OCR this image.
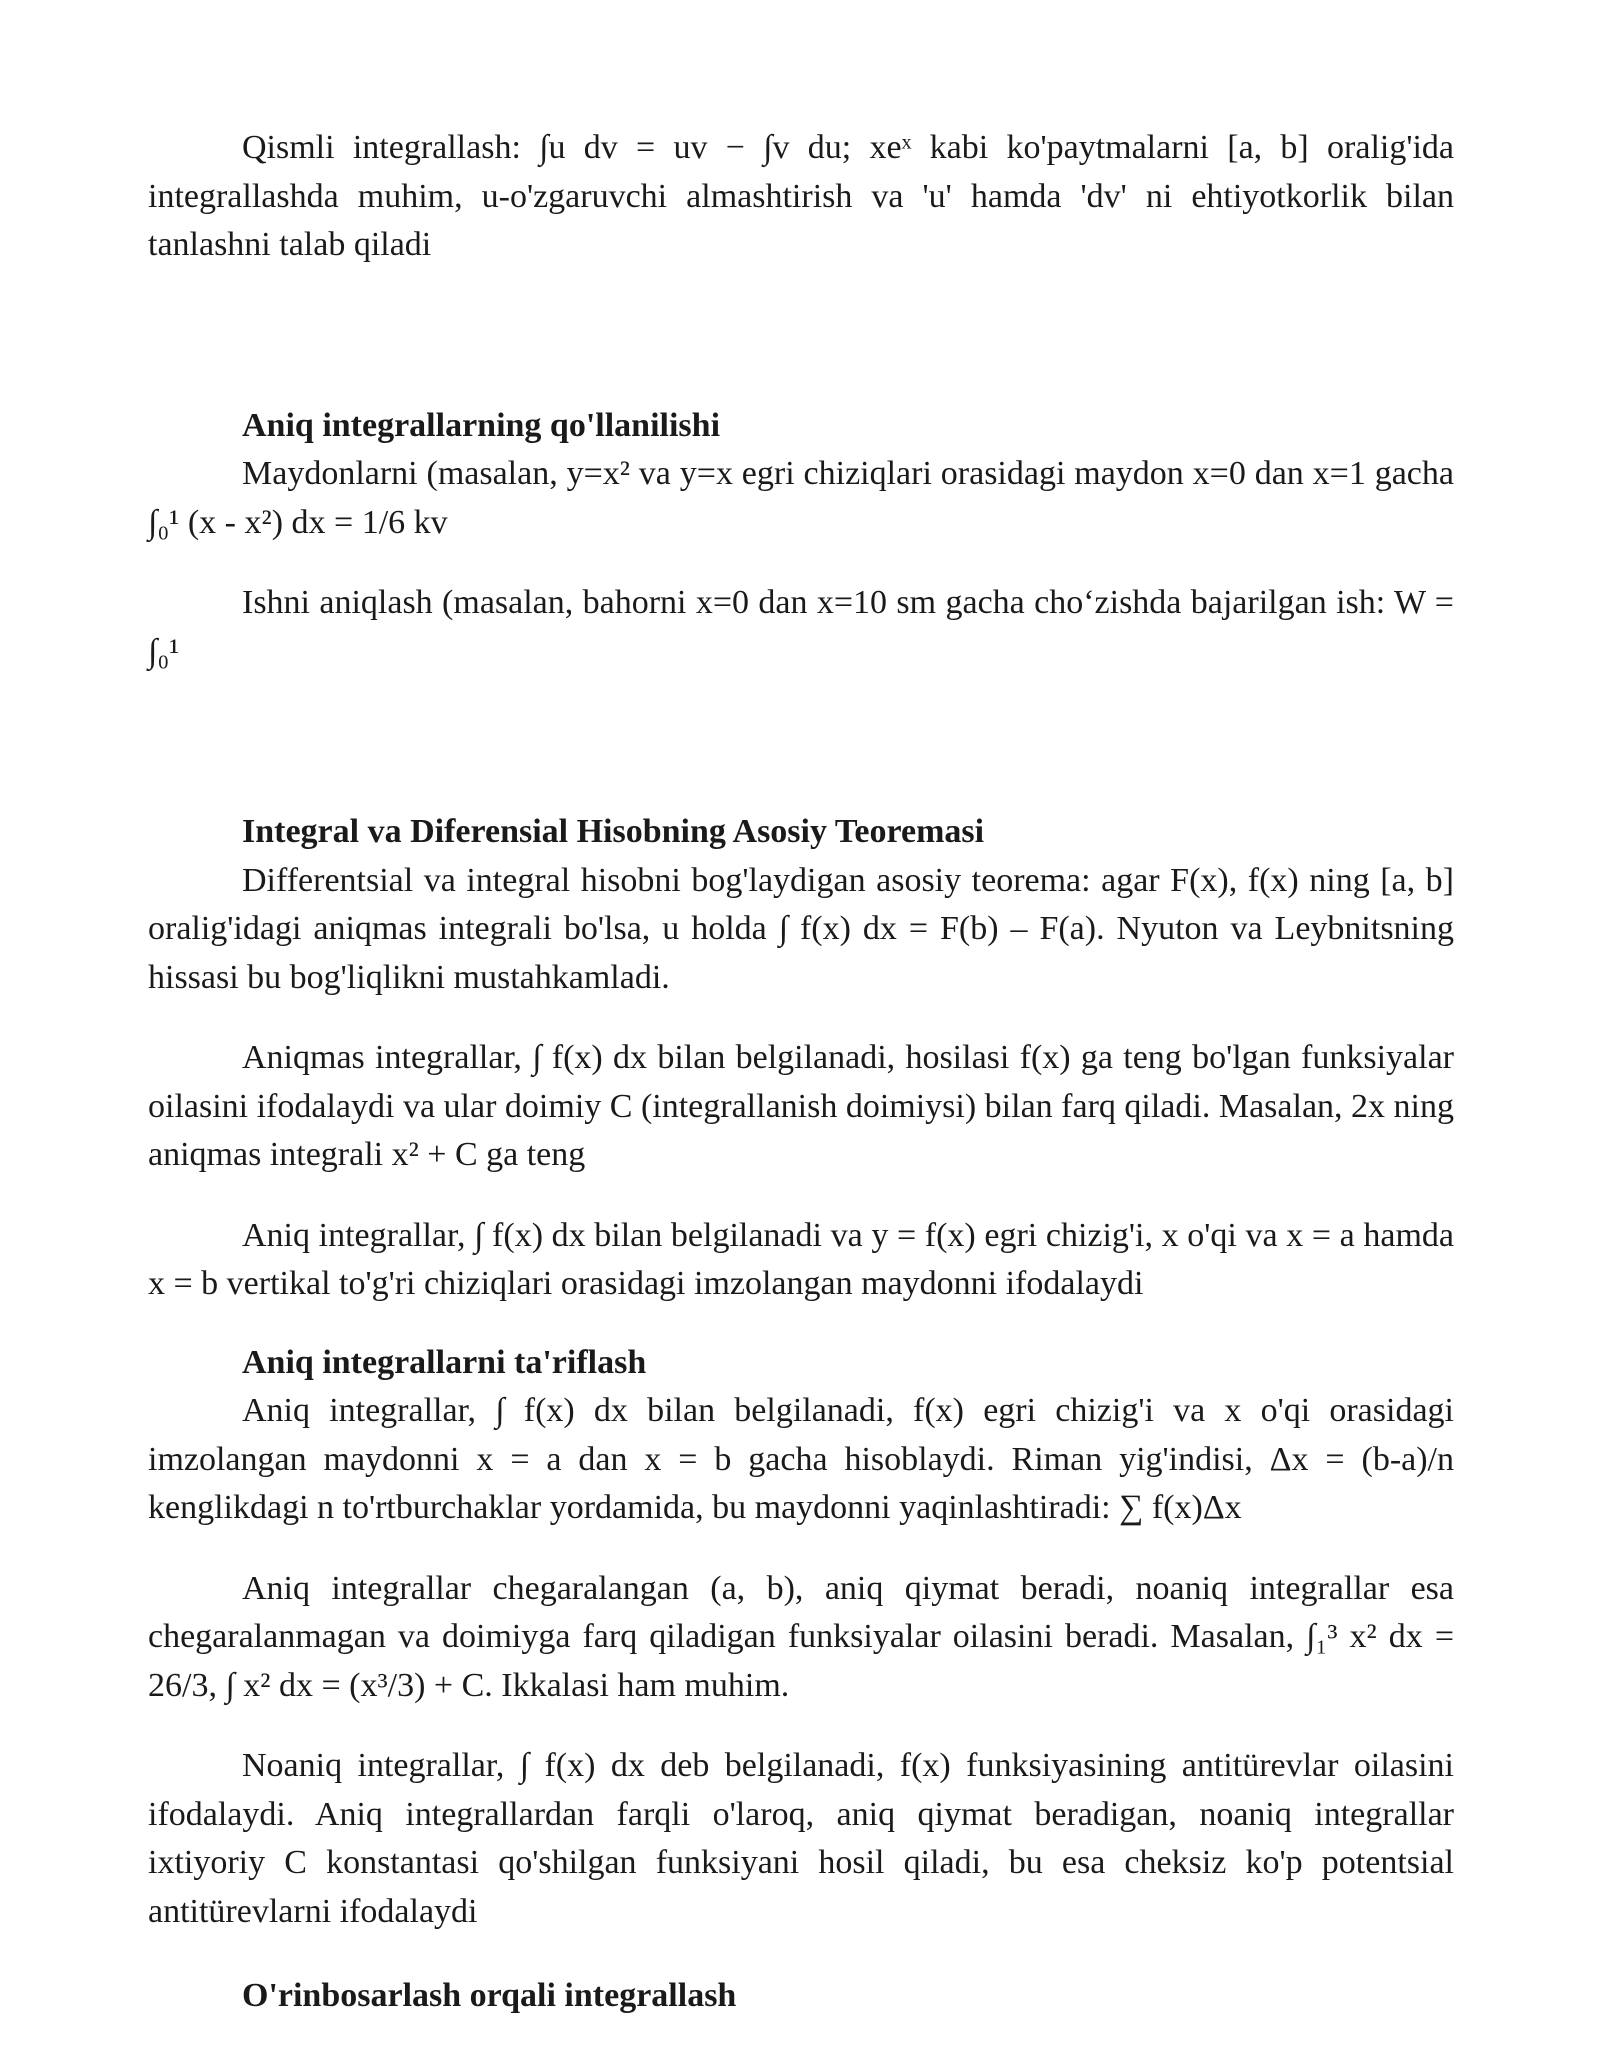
Qismli integrallash: ∫u dv = uv − ∫v du; xeˣ kabi ko'paytmalarni [a, b] oralig'ida integrallashda muhim, u-o'zgaruvchi almashtirish va 'u' hamda 'dv' ni ehtiyotkorlik bilan tanlashni talab qiladi

Aniq integrallarning qo'llanilishi

Maydonlarni (masalan, y=x² va y=x egri chiziqlari orasidagi maydon x=0 dan x=1 gacha ∫₀¹ (x - x²) dx = 1/6 kv

Ishni aniqlash (masalan, bahorni x=0 dan x=10 sm gacha cho‘zishda bajarilgan ish: W = ∫₀¹

Integral va Diferensial Hisobning Asosiy Teoremasi

Differentsial va integral hisobni bog'laydigan asosiy teorema: agar F(x), f(x) ning [a, b] oralig'idagi aniqmas integrali bo'lsa, u holda ∫ f(x) dx = F(b) – F(a). Nyuton va Leybnitsning hissasi bu bog'liqlikni mustahkamladi.

Aniqmas integrallar, ∫ f(x) dx bilan belgilanadi, hosilasi f(x) ga teng bo'lgan funksiyalar oilasini ifodalaydi va ular doimiy C (integrallanish doimiysi) bilan farq qiladi. Masalan, 2x ning aniqmas integrali x² + C ga teng

Aniq integrallar, ∫ f(x) dx bilan belgilanadi va y = f(x) egri chizig'i, x o'qi va x = a hamda x = b vertikal to'g'ri chiziqlari orasidagi imzolangan maydonni ifodalaydi

Aniq integrallarni ta'riflash

Aniq integrallar, ∫ f(x) dx bilan belgilanadi, f(x) egri chizig'i va x o'qi orasidagi imzolangan maydonni x = a dan x = b gacha hisoblaydi. Riman yig'indisi, Δx = (b-a)/n kenglikdagi n to'rtburchaklar yordamida, bu maydonni yaqinlashtiradi: ∑ f(x)Δx

Aniq integrallar chegaralangan (a, b), aniq qiymat beradi, noaniq integrallar esa chegaralanmagan va doimiyga farq qiladigan funksiyalar oilasini beradi. Masalan, ∫₁³ x² dx = 26/3, ∫ x² dx = (x³/3) + C. Ikkalasi ham muhim.

Noaniq integrallar, ∫ f(x) dx deb belgilanadi, f(x) funksiyasining antitürevlar oilasini ifodalaydi. Aniq integrallardan farqli o'laroq, aniq qiymat beradigan, noaniq integrallar ixtiyoriy C konstantasi qo'shilgan funksiyani hosil qiladi, bu esa cheksiz ko'p potentsial antitürevlarni ifodalaydi

O'rinbosarlash orqali integrallash
